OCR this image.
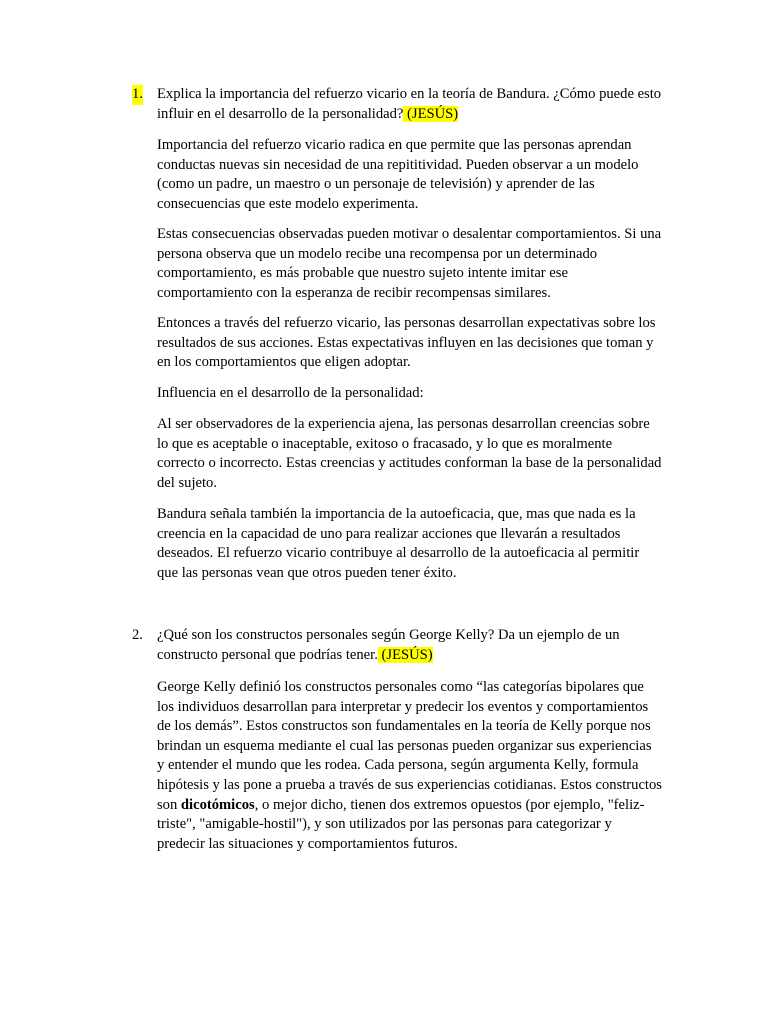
1. Explica la importancia del refuerzo vicario en la teoría de Bandura. ¿Cómo puede esto influir en el desarrollo de la personalidad? (JESÚS)

Importancia del refuerzo vicario radica en que permite que las personas aprendan conductas nuevas sin necesidad de una repititividad. Pueden observar a un modelo (como un padre, un maestro o un personaje de televisión) y aprender de las consecuencias que este modelo experimenta.

Estas consecuencias observadas pueden motivar o desalentar comportamientos. Si una persona observa que un modelo recibe una recompensa por un determinado comportamiento, es más probable que nuestro sujeto intente imitar ese comportamiento con la esperanza de recibir recompensas similares.

Entonces a través del refuerzo vicario, las personas desarrollan expectativas sobre los resultados de sus acciones. Estas expectativas influyen en las decisiones que toman y en los comportamientos que eligen adoptar.

Influencia en el desarrollo de la personalidad:

Al ser observadores de la experiencia ajena, las personas desarrollan creencias sobre lo que es aceptable o inaceptable, exitoso o fracasado, y lo que es moralmente correcto o incorrecto. Estas creencias y actitudes conforman la base de la personalidad del sujeto.

Bandura señala también la importancia de la autoeficacia, que, mas que nada es la creencia en la capacidad de uno para realizar acciones que llevarán a resultados deseados. El refuerzo vicario contribuye al desarrollo de la autoeficacia al permitir que las personas vean que otros pueden tener éxito.

2. ¿Qué son los constructos personales según George Kelly? Da un ejemplo de un constructo personal que podrías tener. (JESÚS)

George Kelly definió los constructos personales como “las categorías bipolares que los individuos desarrollan para interpretar y predecir los eventos y comportamientos de los demás”. Estos constructos son fundamentales en la teoría de Kelly porque nos brindan un esquema mediante el cual las personas pueden organizar sus experiencias y entender el mundo que les rodea. Cada persona, según argumenta Kelly, formula hipótesis y las pone a prueba a través de sus experiencias cotidianas. Estos constructos son dicotómicos, o mejor dicho, tienen dos extremos opuestos (por ejemplo, "feliz-triste", "amigable-hostil"), y son utilizados por las personas para categorizar y predecir las situaciones y comportamientos futuros.
